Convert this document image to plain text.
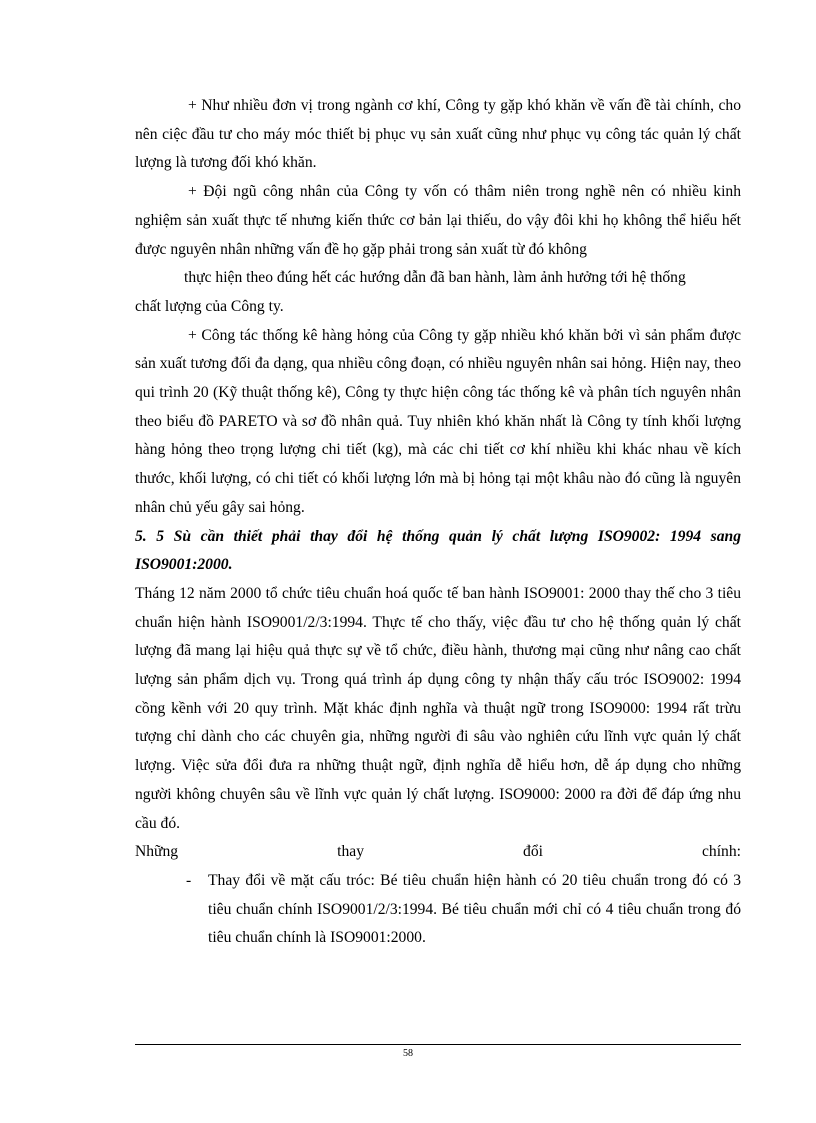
+ Như nhiều đơn vị trong ngành cơ khí, Công ty gặp khó khăn về vấn đề tài chính, cho nên ciệc đầu tư cho máy móc thiết bị phục vụ sản xuất cũng như phục vụ công tác quản lý chất lượng là tương đối khó khăn.

+ Đội ngũ công nhân của Công ty vốn có thâm niên trong nghề nên có nhiều kinh nghiệm sản xuất thực tế nhưng kiến thức cơ bản lại thiếu, do vậy đôi khi họ không thể hiểu hết được nguyên nhân những vấn đề họ gặp phải trong sản xuất từ đó không

thực hiện theo đúng hết các hướng dẫn đã ban hành, làm ảnh hưởng tới hệ thống

chất lượng của Công ty.

+ Công tác thống kê hàng hỏng của Công ty gặp nhiều khó khăn bởi vì sản phẩm được sản xuất tương đối đa dạng, qua nhiều công đoạn, có nhiều nguyên nhân sai hỏng. Hiện nay, theo qui trình 20 (Kỹ thuật thống kê), Công ty thực hiện công tác thống kê và phân tích nguyên nhân theo biểu đồ PARETO và sơ đồ nhân quả. Tuy nhiên khó khăn nhất là Công ty tính khối lượng hàng hỏng theo trọng lượng chi tiết (kg), mà các chi tiết cơ khí nhiều khi khác nhau về kích thước, khối lượng, có chi tiết có khối lượng lớn mà bị hỏng tại một khâu nào đó cũng là nguyên nhân chủ yếu gây sai hỏng.

5. 5 Sù cần thiết phải thay đổi hệ thống quản lý chất lượng ISO9002: 1994 sang ISO9001:2000.

Tháng 12 năm 2000 tổ chức tiêu chuẩn hoá quốc tế ban hành ISO9001: 2000 thay thế cho 3 tiêu chuẩn hiện hành ISO9001/2/3:1994. Thực tế cho thấy, việc đầu tư cho hệ thống quản lý chất lượng đã mang lại hiệu quả thực sự về tổ chức, điều hành, thương mại cũng như nâng cao chất lượng sản phẩm dịch vụ. Trong quá trình áp dụng công ty nhận thấy cấu tróc ISO9002: 1994 cồng kềnh với 20 quy trình. Mặt khác định nghĩa và thuật ngữ trong ISO9000: 1994 rất trừu tượng chỉ dành cho các chuyên gia, những người đi sâu vào nghiên cứu lĩnh vực quản lý chất lượng. Việc sửa đổi đưa ra những thuật ngữ, định nghĩa dễ hiểu hơn, dễ áp dụng cho những người không chuyên sâu về lĩnh vực quản lý chất lượng. ISO9000: 2000 ra đời để đáp ứng nhu cầu đó.

Những	thay	đổi	chính:
- Thay đổi về mặt cấu tróc: Bé tiêu chuẩn hiện hành có 20 tiêu chuẩn trong đó có 3 tiêu chuẩn chính ISO9001/2/3:1994. Bé tiêu chuẩn mới chỉ có 4 tiêu chuẩn trong đó tiêu chuẩn chính là ISO9001:2000.
58
